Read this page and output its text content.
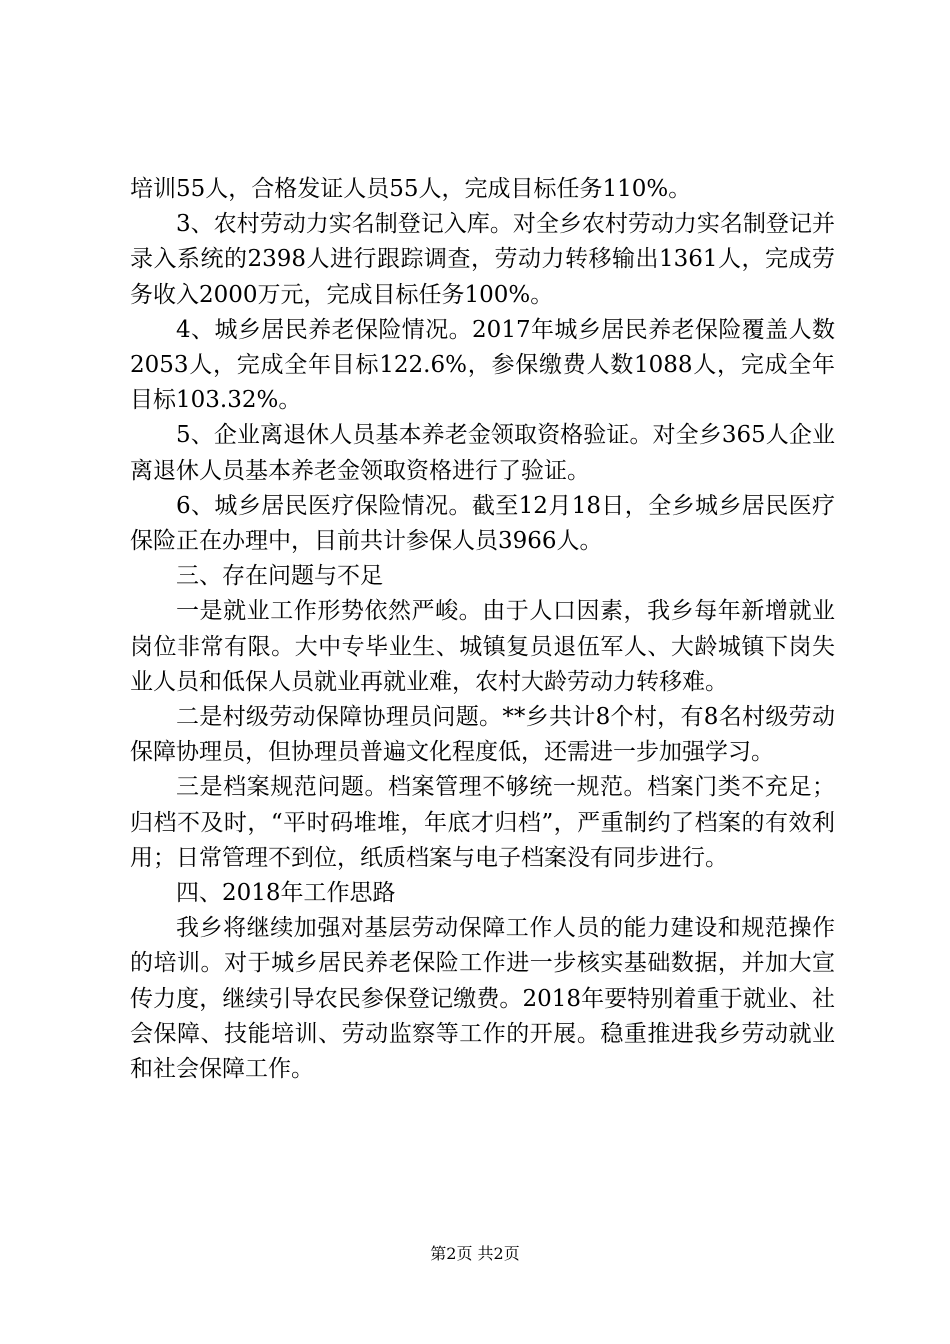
培训55人，合格发证人员55人，完成目标任务110%。

3、农村劳动力实名制登记入库。对全乡农村劳动力实名制登记并录入系统的2398人进行跟踪调查，劳动力转移输出1361人，完成劳务收入2000万元，完成目标任务100%。

4、城乡居民养老保险情况。2017年城乡居民养老保险覆盖人数2053人，完成全年目标122.6%，参保缴费人数1088人，完成全年目标103.32%。

5、企业离退休人员基本养老金领取资格验证。对全乡365人企业离退休人员基本养老金领取资格进行了验证。

6、城乡居民医疗保险情况。截至12月18日，全乡城乡居民医疗保险正在办理中，目前共计参保人员3966人。

三、存在问题与不足

一是就业工作形势依然严峻。由于人口因素，我乡每年新增就业岗位非常有限。大中专毕业生、城镇复员退伍军人、大龄城镇下岗失业人员和低保人员就业再就业难，农村大龄劳动力转移难。

二是村级劳动保障协理员问题。**乡共计8个村，有8名村级劳动保障协理员，但协理员普遍文化程度低，还需进一步加强学习。

三是档案规范问题。档案管理不够统一规范。档案门类不充足；归档不及时，“平时码堆堆，年底才归档”，严重制约了档案的有效利用；日常管理不到位，纸质档案与电子档案没有同步进行。

四、2018年工作思路

我乡将继续加强对基层劳动保障工作人员的能力建设和规范操作的培训。对于城乡居民养老保险工作进一步核实基础数据，并加大宣传力度，继续引导农民参保登记缴费。2018年要特别着重于就业、社会保障、技能培训、劳动监察等工作的开展。稳重推进我乡劳动就业和社会保障工作。

第2页 共2页
